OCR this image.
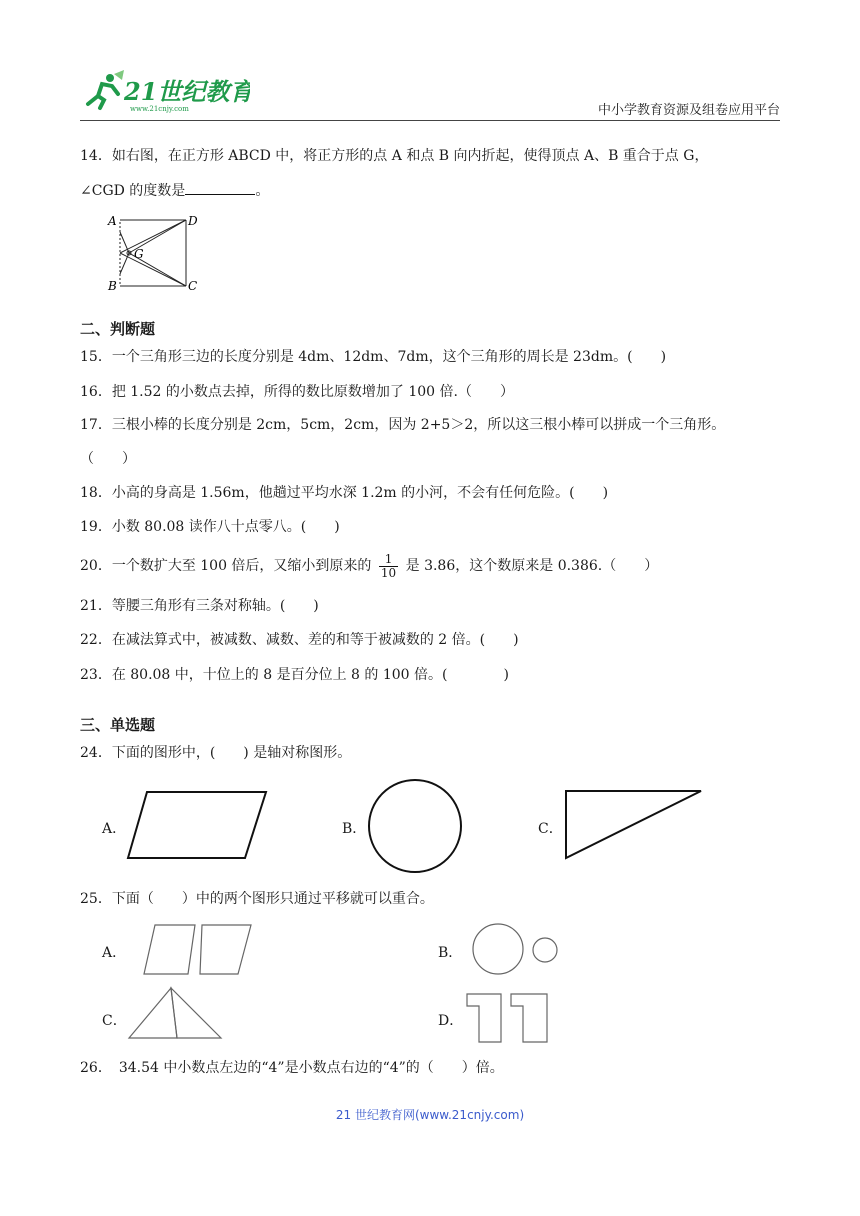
21世纪教育
www.21cnjy.com	中小学教育资源及组卷应用平台
14．如右图，在正方形 ABCD 中，将正方形的点 A 和点 B 向内折起，使得顶点 A、B 重合于点 G，
∠CGD 的度数是	。
A	D
G
B	C
二、判断题
15．一个三角形三边的长度分别是 4dm、12dm、7dm，这个三角形的周长是 23dm。(　　)
16．把 1.52 的小数点去掉，所得的数比原数增加了 100 倍.（　　）
17．三根小棒的长度分别是 2cm，5cm，2cm，因为 2+5＞2，所以这三根小棒可以拼成一个三角形。
（　　）
18．小高的身高是 1.56m，他趟过平均水深 1.2m 的小河，不会有任何危险。(　　)
19．小数 80.08 读作八十点零八。(　　)
20．一个数扩大至 100 倍后，又缩小到原来的 $\frac{1}{10}$ 是 3.86，这个数原来是 0.386.（　　）
21．等腰三角形有三条对称轴。(　　)
22．在减法算式中，被减数、减数、差的和等于被减数的 2 倍。(　　)
23．在 80.08 中，十位上的 8 是百分位上 8 的 100 倍。(　　　　)
三、单选题
24．下面的图形中，(　　) 是轴对称图形。
A．	B．	C．
25．下面（　　）中的两个图形只通过平移就可以重合。
A．	B．
C．	D．
26．　34.54 中小数点左边的“4”是小数点右边的“4”的（　　）倍。
21 世纪教育网(www.21cnjy.com)
